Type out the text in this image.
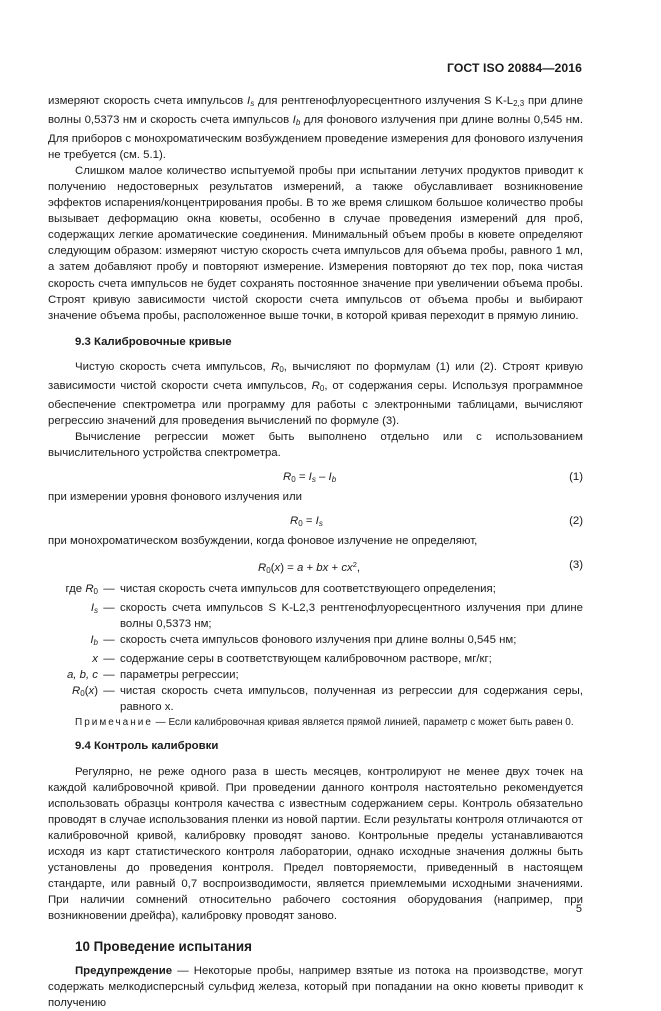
ГОСТ ISO 20884—2016

измеряют скорость счета импульсов $I_s$ для рентгенофлуоресцентного излучения S $K-L_{2,3}$ при длине волны 0,5373 нм и скорость счета импульсов $I_b$ для фонового излучения при длине волны 0,545 нм. Для приборов с монохроматическим возбуждением проведение измерения для фонового излучения не требуется (см. 5.1).

Слишком малое количество испытуемой пробы при испытании летучих продуктов приводит к получению недостоверных результатов измерений, а также обуславливает возникновение эффектов испарения/концентрирования пробы. В то же время слишком большое количество пробы вызывает деформацию окна кюветы, особенно в случае проведения измерений для проб, содержащих легкие ароматические соединения. Минимальный объем пробы в кювете определяют следующим образом: измеряют чистую скорость счета импульсов для объема пробы, равного 1 мл, а затем добавляют пробу и повторяют измерение. Измерения повторяют до тех пор, пока чистая скорость счета импульсов не будет сохранять постоянное значение при увеличении объема пробы. Строят кривую зависимости чистой скорости счета импульсов от объема пробы и выбирают значение объема пробы, расположенное выше точки, в которой кривая переходит в прямую линию.

9.3 Калибровочные кривые

Чистую скорость счета импульсов, $R_0$, вычисляют по формулам (1) или (2). Строят кривую зависимости чистой скорости счета импульсов, $R_0$, от содержания серы. Используя программное обеспечение спектрометра или программу для работы с электронными таблицами, вычисляют регрессию значений для проведения вычислений по формуле (3).

Вычисление регрессии может быть выполнено отдельно или с использованием вычислительного устройства спектрометра.

$R_0 = I_s - I_b$	(1)

при измерении уровня фонового излучения или

$R_0 = I_s$	(2)

при монохроматическом возбуждении, когда фоновое излучение не определяют,

$R_0(x) = a$ + bx + $cx^2$,	(3)
где $R_0$ — чистая скорость счета импульсов для соответствующего определения;
$I_s$ — скорость счета импульсов S K-L2,3 рентгенофлуоресцентного излучения при длине волны 0,5373 нм;
$I_b$ — скорость счета импульсов фонового излучения при длине волны 0,545 нм;
x — содержание серы в соответствующем калибровочном растворе, мг/кг;
a, b, c — параметры регрессии;
$R_0(x)$ — чистая скорость счета импульсов, полученная из регрессии для содержания серы, равного x.

Примечание — Если калибровочная кривая является прямой линией, параметр c может быть равен 0.

9.4 Контроль калибровки

Регулярно, не реже одного раза в шесть месяцев, контролируют не менее двух точек на каждой калибровочной кривой. При проведении данного контроля настоятельно рекомендуется использовать образцы контроля качества с известным содержанием серы. Контроль обязательно проводят в случае использования пленки из новой партии. Если результаты контроля отличаются от калибровочной кривой, калибровку проводят заново. Контрольные пределы устанавливаются исходя из карт статистического контроля лаборатории, однако исходные значения должны быть установлены до проведения контроля. Предел повторяемости, приведенный в настоящем стандарте, или равный 0,7 воспроизводимости, является приемлемыми исходными значениями. При наличии сомнений относительно рабочего состояния оборудования (например, при возникновении дрейфа), калибровку проводят заново.

10 Проведение испытания

Предупреждение — Некоторые пробы, например взятые из потока на производстве, могут содержать мелкодисперсный сульфид железа, который при попадании на окно кюветы приводит к получению

5
